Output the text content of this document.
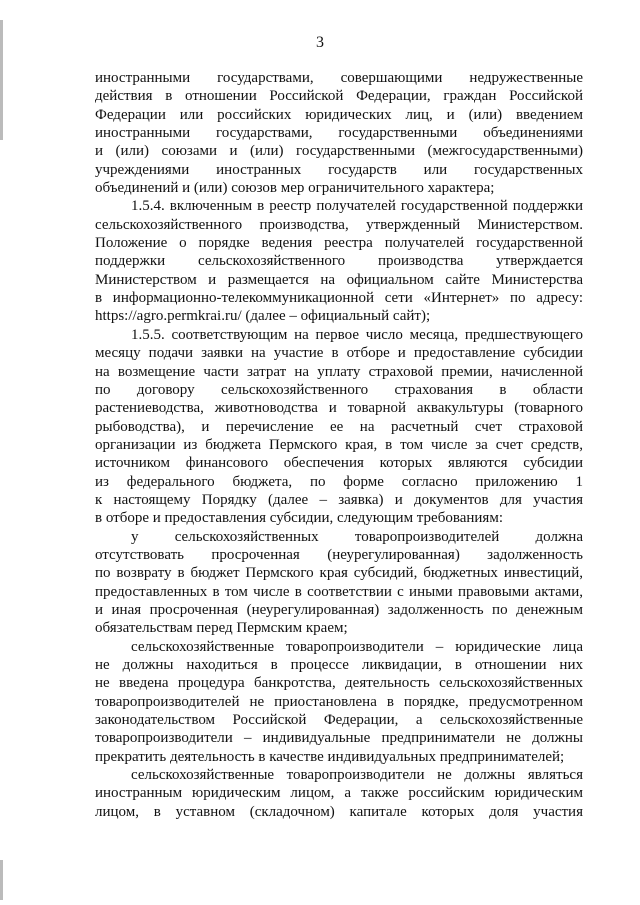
3
иностранными государствами, совершающими недружественные
действия в отношении Российской Федерации, граждан Российской
Федерации или российских юридических лиц, и (или) введением
иностранными государствами, государственными объединениями
и (или) союзами и (или) государственными (межгосударственными)
учреждениями иностранных государств или государственных
объединений и (или) союзов мер ограничительного характера;
1.5.4. включенным в реестр получателей государственной поддержки
сельскохозяйственного производства, утвержденный Министерством.
Положение о порядке ведения реестра получателей государственной
поддержки сельскохозяйственного производства утверждается
Министерством и размещается на официальном сайте Министерства
в информационно-телекоммуникационной сети «Интернет» по адресу:
https://agro.permkrai.ru/ (далее – официальный сайт);
1.5.5. соответствующим на первое число месяца, предшествующего
месяцу подачи заявки на участие в отборе и предоставление субсидии
на возмещение части затрат на уплату страховой премии, начисленной
по договору сельскохозяйственного страхования в области
растениеводства, животноводства и товарной аквакультуры (товарного
рыбоводства), и перечисление ее на расчетный счет страховой
организации из бюджета Пермского края, в том числе за счет средств,
источником финансового обеспечения которых являются субсидии
из федерального бюджета, по форме согласно приложению 1
к настоящему Порядку (далее – заявка) и документов для участия
в отборе и предоставления субсидии, следующим требованиям:
у сельскохозяйственных товаропроизводителей должна
отсутствовать просроченная (неурегулированная) задолженность
по возврату в бюджет Пермского края субсидий, бюджетных инвестиций,
предоставленных в том числе в соответствии с иными правовыми актами,
и иная просроченная (неурегулированная) задолженность по денежным
обязательствам перед Пермским краем;
сельскохозяйственные товаропроизводители – юридические лица
не должны находиться в процессе ликвидации, в отношении них
не введена процедура банкротства, деятельность сельскохозяйственных
товаропроизводителей не приостановлена в порядке, предусмотренном
законодательством Российской Федерации, а сельскохозяйственные
товаропроизводители – индивидуальные предприниматели не должны
прекратить деятельность в качестве индивидуальных предпринимателей;
сельскохозяйственные товаропроизводители не должны являться
иностранным юридическим лицом, а также российским юридическим
лицом, в уставном (складочном) капитале которых доля участия
